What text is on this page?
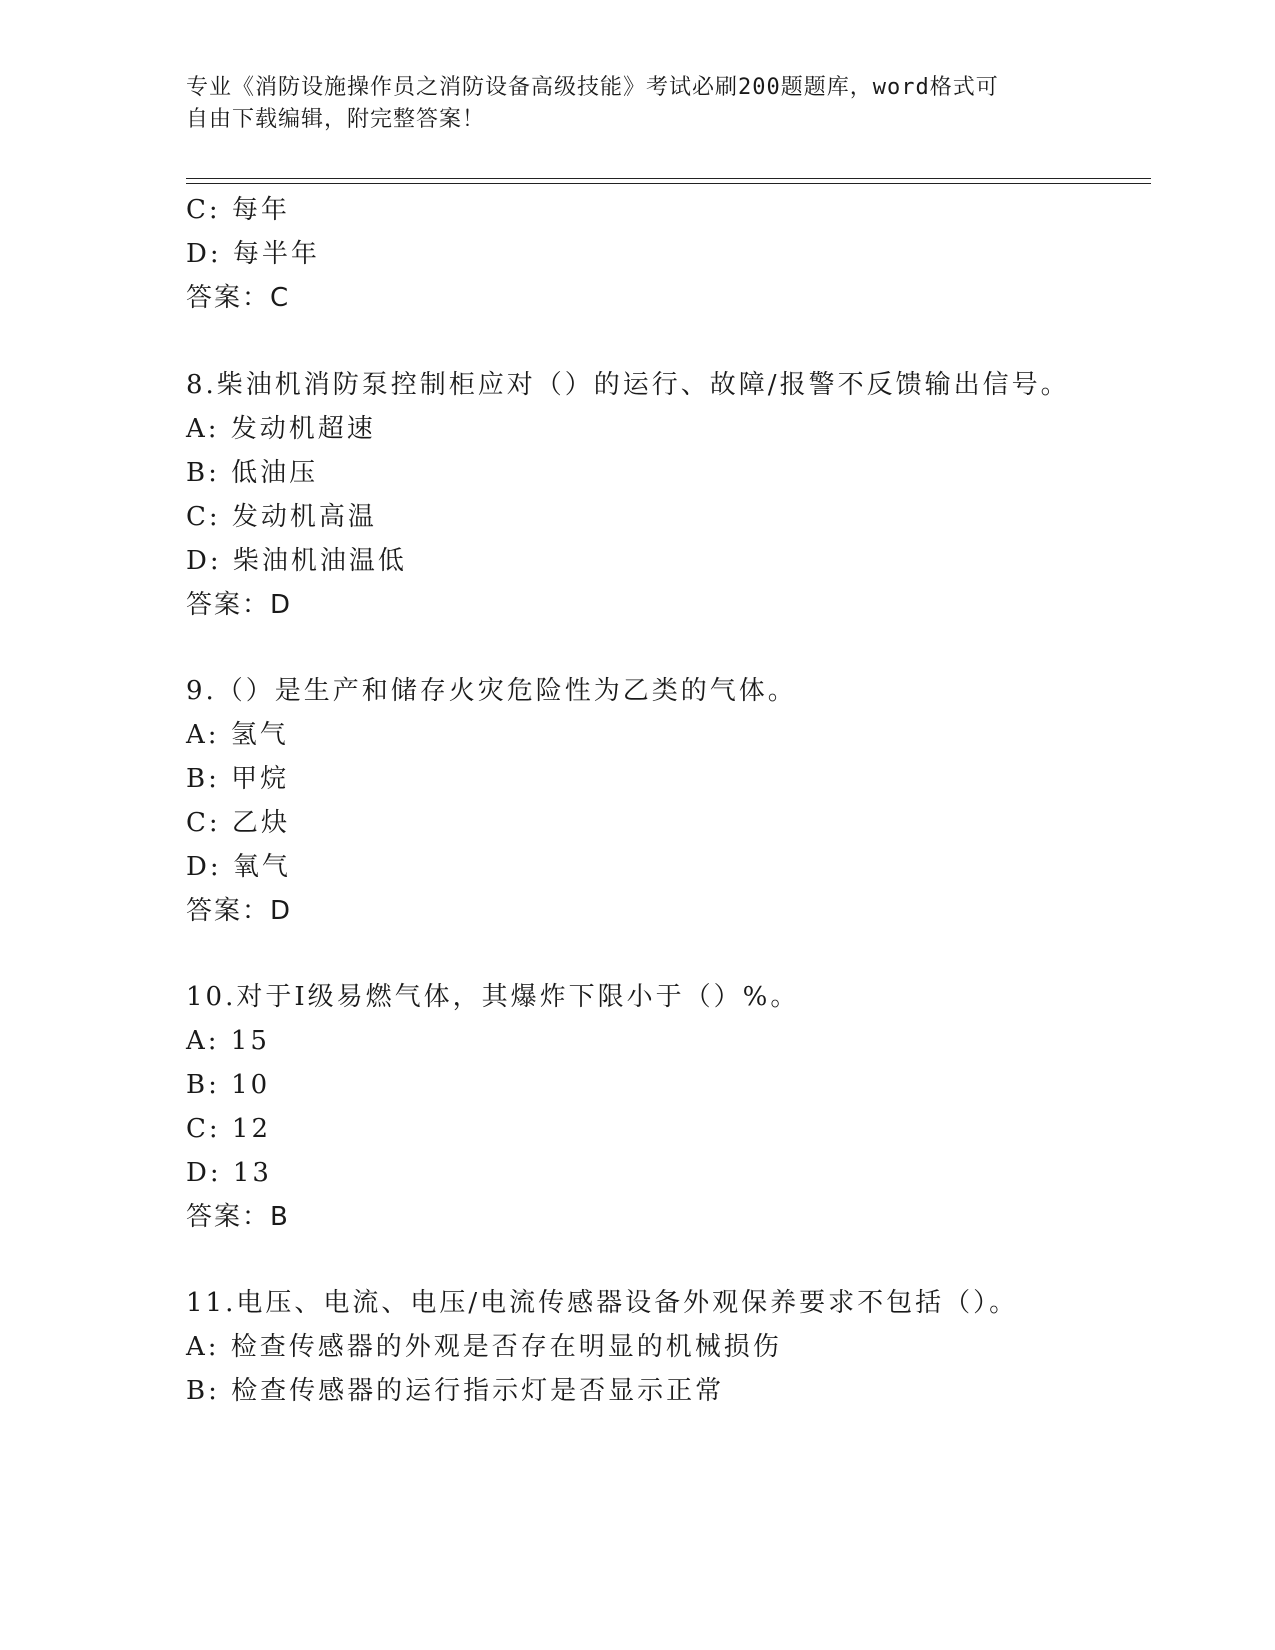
专业《消防设施操作员之消防设备高级技能》考试必刷200题题库，word格式可
自由下载编辑，附完整答案！
C: 每年
D: 每半年
答案：C
8.柴油机消防泵控制柜应对（）的运行、故障/报警不反馈输出信号。
A: 发动机超速
B: 低油压
C: 发动机高温
D: 柴油机油温低
答案：D
9.（）是生产和储存火灾危险性为乙类的气体。
A: 氢气
B: 甲烷
C: 乙炔
D: 氧气
答案：D
10.对于Ⅰ级易燃气体，其爆炸下限小于（）%。
A: 15
B: 10
C: 12
D: 13
答案：B
11.电压、电流、电压/电流传感器设备外观保养要求不包括（）。
A: 检查传感器的外观是否存在明显的机械损伤
B: 检查传感器的运行指示灯是否显示正常
